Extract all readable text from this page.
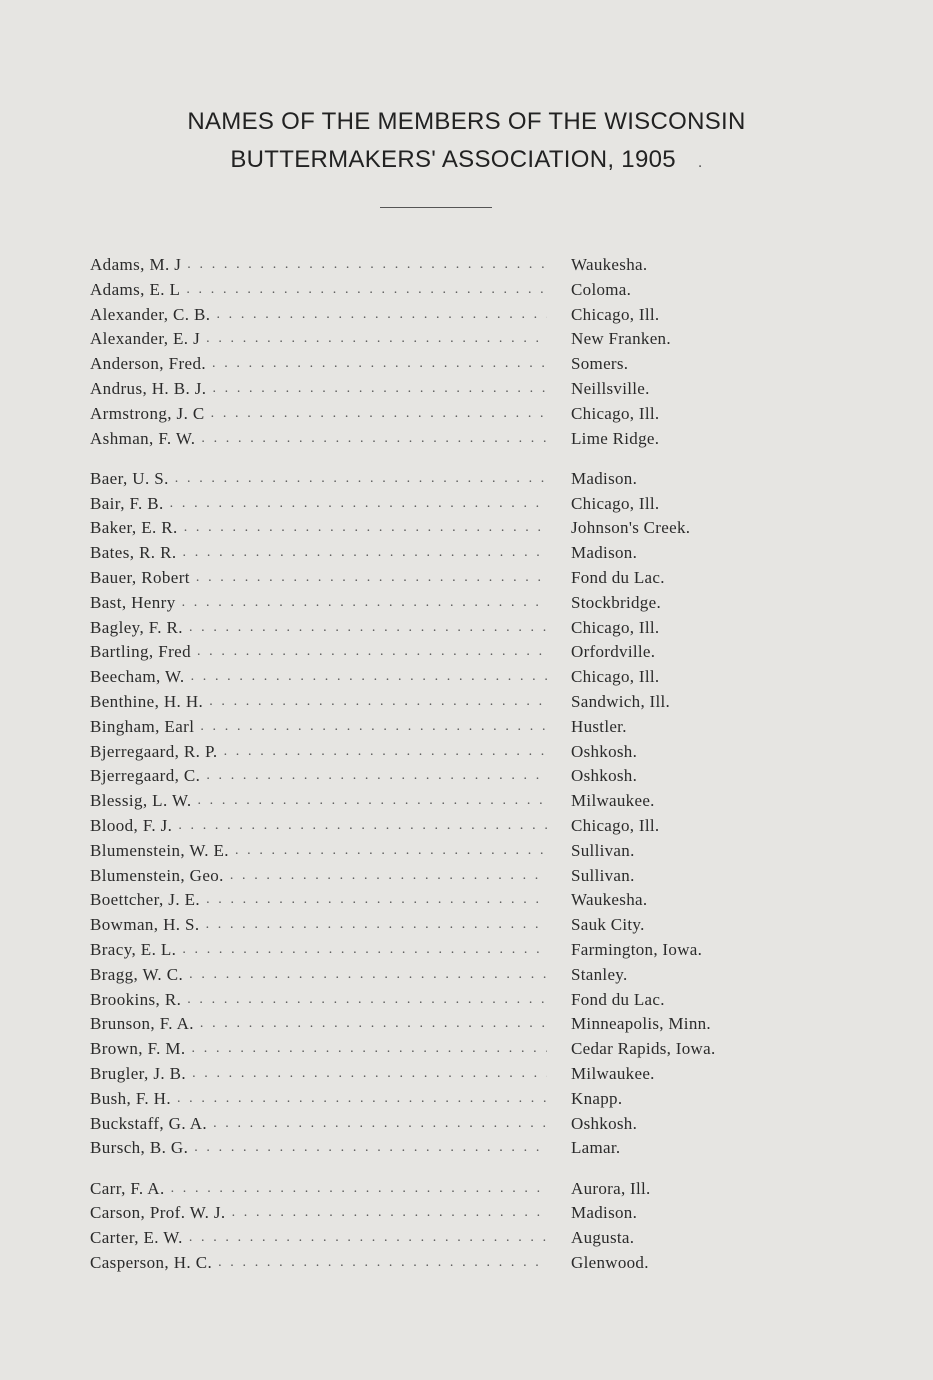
NAMES OF THE MEMBERS OF THE WISCONSIN
BUTTERMAKERS' ASSOCIATION, 1905 .
Adams, M. J . . .	Waukesha.
Adams, E. L . . .	Coloma.
Alexander, C. B. . . .	Chicago, Ill.
Alexander, E. J . . .	New Franken.
Anderson, Fred. . . .	Somers.
Andrus, H. B. J. . . .	Neillsville.
Armstrong, J. C . . .	Chicago, Ill.
Ashman, F. W. . . .	Lime Ridge.
Baer, U. S. . . .	Madison.
Bair, F. B. . . .	Chicago, Ill.
Baker, E. R. . . .	Johnson's Creek.
Bates, R. R. . . .	Madison.
Bauer, Robert . . .	Fond du Lac.
Bast, Henry . . .	Stockbridge.
Bagley, F. R. . . .	Chicago, Ill.
Bartling, Fred . . .	Orfordville.
Beecham, W. . . .	Chicago, Ill.
Benthine, H. H. . . .	Sandwich, Ill.
Bingham, Earl . . .	Hustler.
Bjerregaard, R. P. . . .	Oshkosh.
Bjerregaard, C. . . .	Oshkosh.
Blessig, L. W. . . .	Milwaukee.
Blood, F. J. . . .	Chicago, Ill.
Blumenstein, W. E. . . .	Sullivan.
Blumenstein, Geo. . . .	Sullivan.
Boettcher, J. E. . . .	Waukesha.
Bowman, H. S. . . .	Sauk City.
Bracy, E. L. . . .	Farmington, Iowa.
Bragg, W. C. . . .	Stanley.
Brookins, R. . . .	Fond du Lac.
Brunson, F. A. . . .	Minneapolis, Minn.
Brown, F. M. . . .	Cedar Rapids, Iowa.
Brugler, J. B. . . .	Milwaukee.
Bush, F. H. . . .	Knapp.
Buckstaff, G. A. . . .	Oshkosh.
Bursch, B. G. . . .	Lamar.
Carr, F. A. . . .	Aurora, Ill.
Carson, Prof. W. J. . . .	Madison.
Carter, E. W. . . .	Augusta.
Casperson, H. C. . . .	Glenwood.
